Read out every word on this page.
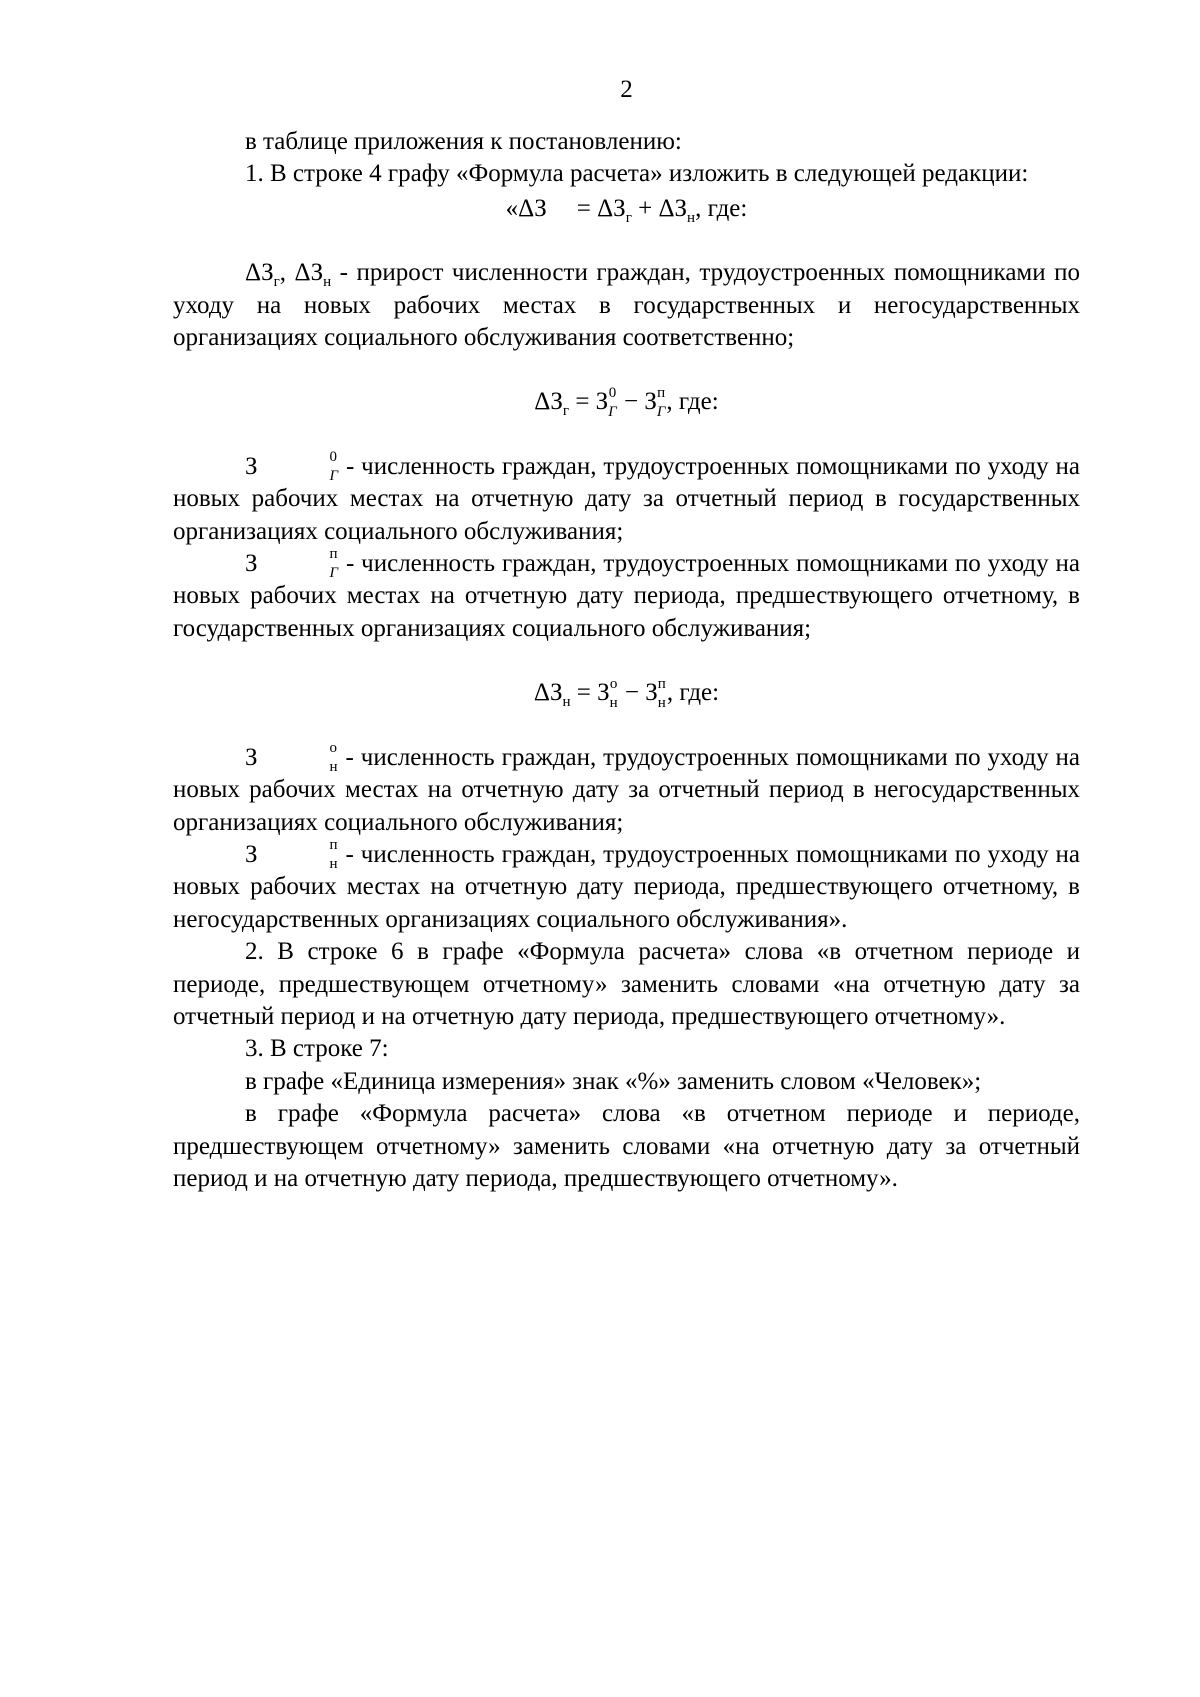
2

в таблице приложения к постановлению:

1. В строке 4 графу «Формула расчета» изложить в следующей редакции:

«$\Delta З = \Delta З_г + \Delta З_н$, где:

$\Delta З_г$, $\Delta З_н$ - прирост численности граждан, трудоустроенных помощниками по уходу на новых рабочих местах в государственных и негосударственных организациях социального обслуживания соответственно;

$\Delta З_г = З$ 0
Г − З п
Г , где:

З	0
Г - численность граждан, трудоустроенных помощниками по уходу на новых рабочих местах на отчетную дату за отчетный период в государственных организациях социального обслуживания;

З	п
Г - численность граждан, трудоустроенных помощниками по уходу на новых рабочих местах на отчетную дату периода, предшествующего отчетному, в государственных организациях социального обслуживания;

$\Delta З_н = З$ о
н − З п
н , где:

З	о
н - численность граждан, трудоустроенных помощниками по уходу на новых рабочих местах на отчетную дату за отчетный период в негосударственных организациях социального обслуживания;

З	п
н - численность граждан, трудоустроенных помощниками по уходу на новых рабочих местах на отчетную дату периода, предшествующего отчетному, в негосударственных организациях социального обслуживания».

2. В строке 6 в графе «Формула расчета» слова «в отчетном периоде и периоде, предшествующем отчетному» заменить словами «на отчетную дату за отчетный период и на отчетную дату периода, предшествующего отчетному».

3. В строке 7:

в графе «Единица измерения» знак «%» заменить словом «Человек»;

в графе «Формула расчета» слова «в отчетном периоде и периоде, предшествующем отчетному» заменить словами «на отчетную дату за отчетный период и на отчетную дату периода, предшествующего отчетному».
